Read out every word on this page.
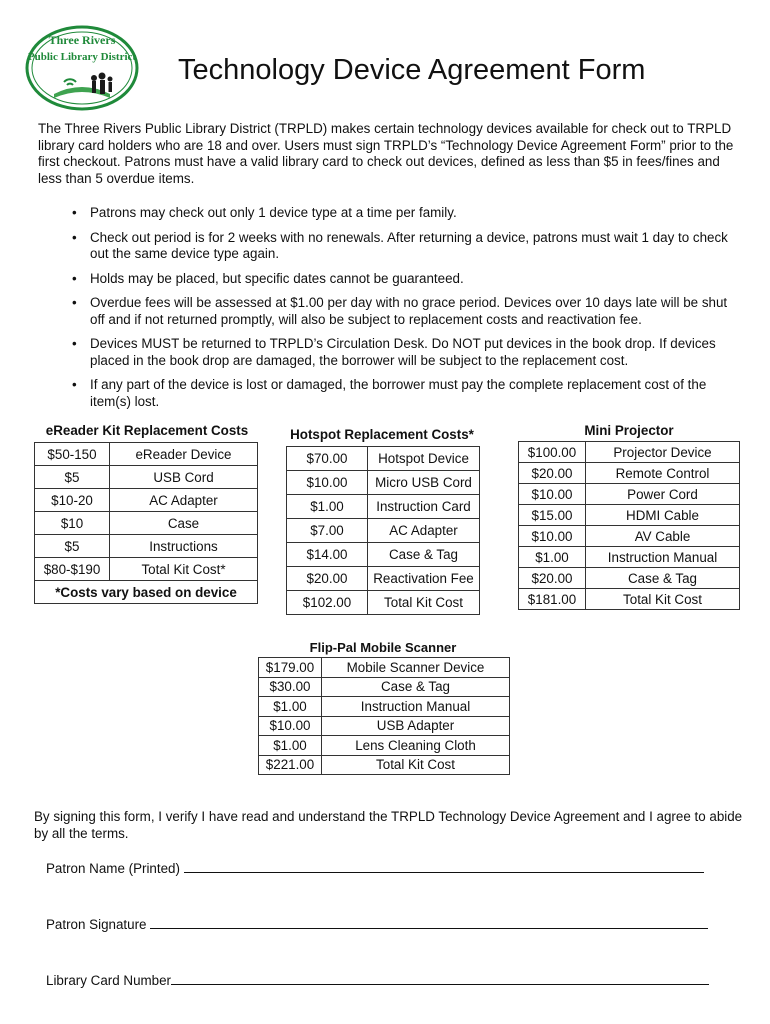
Three Rivers
Public Library District Technology Device Agreement Form

The Three Rivers Public Library District (TRPLD) makes certain technology devices available for check out to TRPLD library card holders who are 18 and over. Users must sign TRPLD’s “Technology Device Agreement Form” prior to the first checkout. Patrons must have a valid library card to check out devices, defined as less than $5 in fees/fines and less than 5 overdue items.

• Patrons may check out only 1 device type at a time per family.
• Check out period is for 2 weeks with no renewals. After returning a device, patrons must wait 1 day to check out the same device type again.
• Holds may be placed, but specific dates cannot be guaranteed.
• Overdue fees will be assessed at $1.00 per day with no grace period. Devices over 10 days late will be shut off and if not returned promptly, will also be subject to replacement costs and reactivation fee.
• Devices MUST be returned to TRPLD’s Circulation Desk. Do NOT put devices in the book drop. If devices placed in the book drop are damaged, the borrower will be subject to the replacement cost.
• If any part of the device is lost or damaged, the borrower must pay the complete replacement cost of the item(s) lost.
eReader Kit Replacement Costs
$50-150	eReader Device
$5	USB Cord
$10-20	AC Adapter
$10	Case
$5	Instructions
$80-$190	Total Kit Cost*
*Costs vary based on device	
Hotspot Replacement Costs*
$70.00	Hotspot Device
$10.00	Micro USB Cord
$1.00	Instruction Card
$7.00	AC Adapter
$14.00	Case & Tag
$20.00	Reactivation Fee
$102.00	Total Kit Cost
Mini Projector
$100.00	Projector Device
$20.00	Remote Control
$10.00	Power Cord
$15.00	HDMI Cable
$10.00	AV Cable
$1.00	Instruction Manual
$20.00	Case & Tag
$181.00	Total Kit Cost
Flip-Pal Mobile Scanner
$179.00	Mobile Scanner Device
$30.00	Case & Tag
$1.00	Instruction Manual
$10.00	USB Adapter
$1.00	Lens Cleaning Cloth
$221.00	Total Kit Cost

By signing this form, I verify I have read and understand the TRPLD Technology Device Agreement and I agree to abide by all the terms.

Patron Name (Printed)
Patron Signature
Library Card Number
